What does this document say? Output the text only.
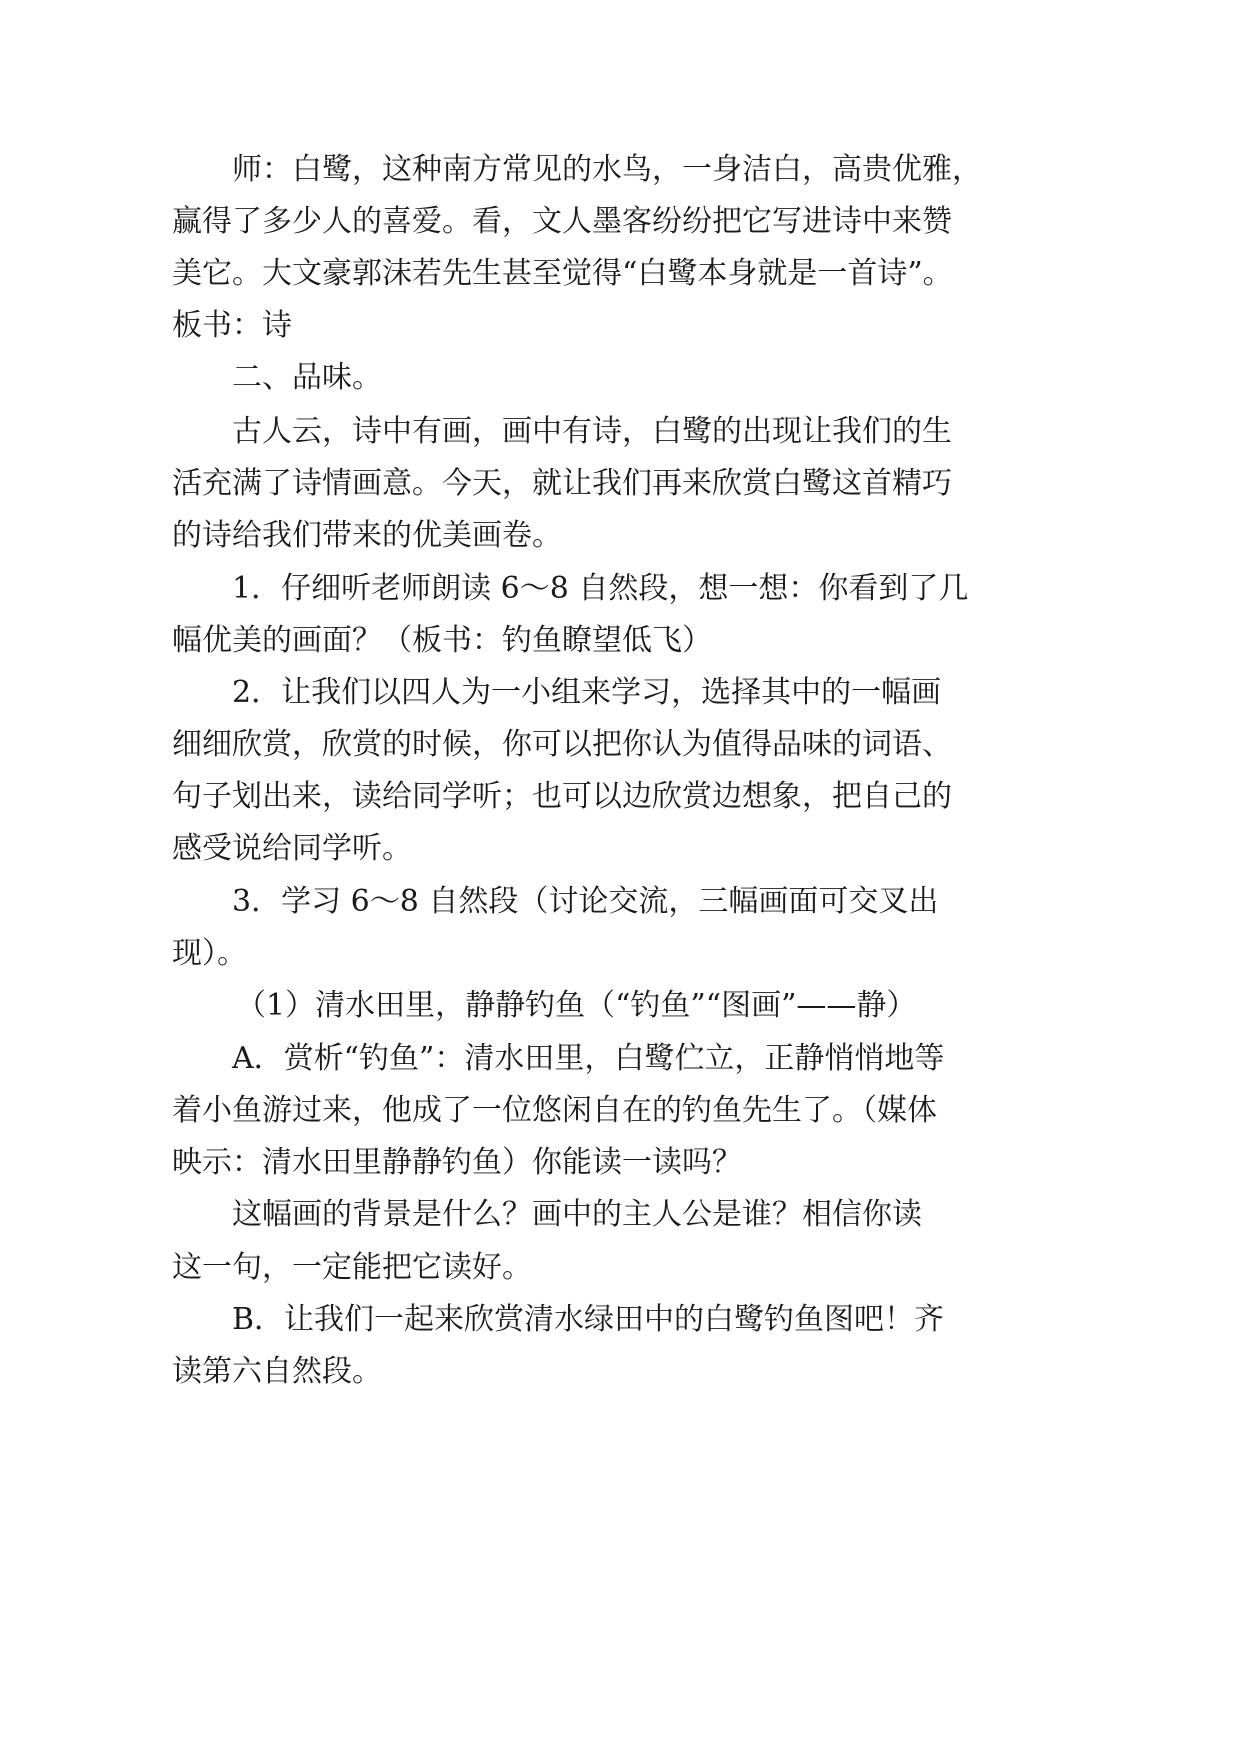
师：白鹭，这种南方常见的水鸟，一身洁白，高贵优雅，
赢得了多少人的喜爱。看，文人墨客纷纷把它写进诗中来赞
美它。大文豪郭沫若先生甚至觉得“白鹭本身就是一首诗”。
板书：诗
二、品味。
古人云，诗中有画，画中有诗，白鹭的出现让我们的生
活充满了诗情画意。今天，就让我们再来欣赏白鹭这首精巧
的诗给我们带来的优美画卷。
1．仔细听老师朗读 6～8 自然段，想一想：你看到了几
幅优美的画面？（板书：钓鱼瞭望低飞）
2．让我们以四人为一小组来学习，选择其中的一幅画
细细欣赏，欣赏的时候，你可以把你认为值得品味的词语、
句子划出来，读给同学听；也可以边欣赏边想象，把自己的
感受说给同学听。
3．学习 6～8 自然段（讨论交流，三幅画面可交叉出
现）。
（1）清水田里，静静钓鱼（“钓鱼”“图画”——静）
A．赏析“钓鱼”：清水田里，白鹭伫立，正静悄悄地等
着小鱼游过来，他成了一位悠闲自在的钓鱼先生了。（媒体
映示：清水田里静静钓鱼）你能读一读吗？
这幅画的背景是什么？画中的主人公是谁？相信你读
这一句，一定能把它读好。
B．让我们一起来欣赏清水绿田中的白鹭钓鱼图吧！齐
读第六自然段。
